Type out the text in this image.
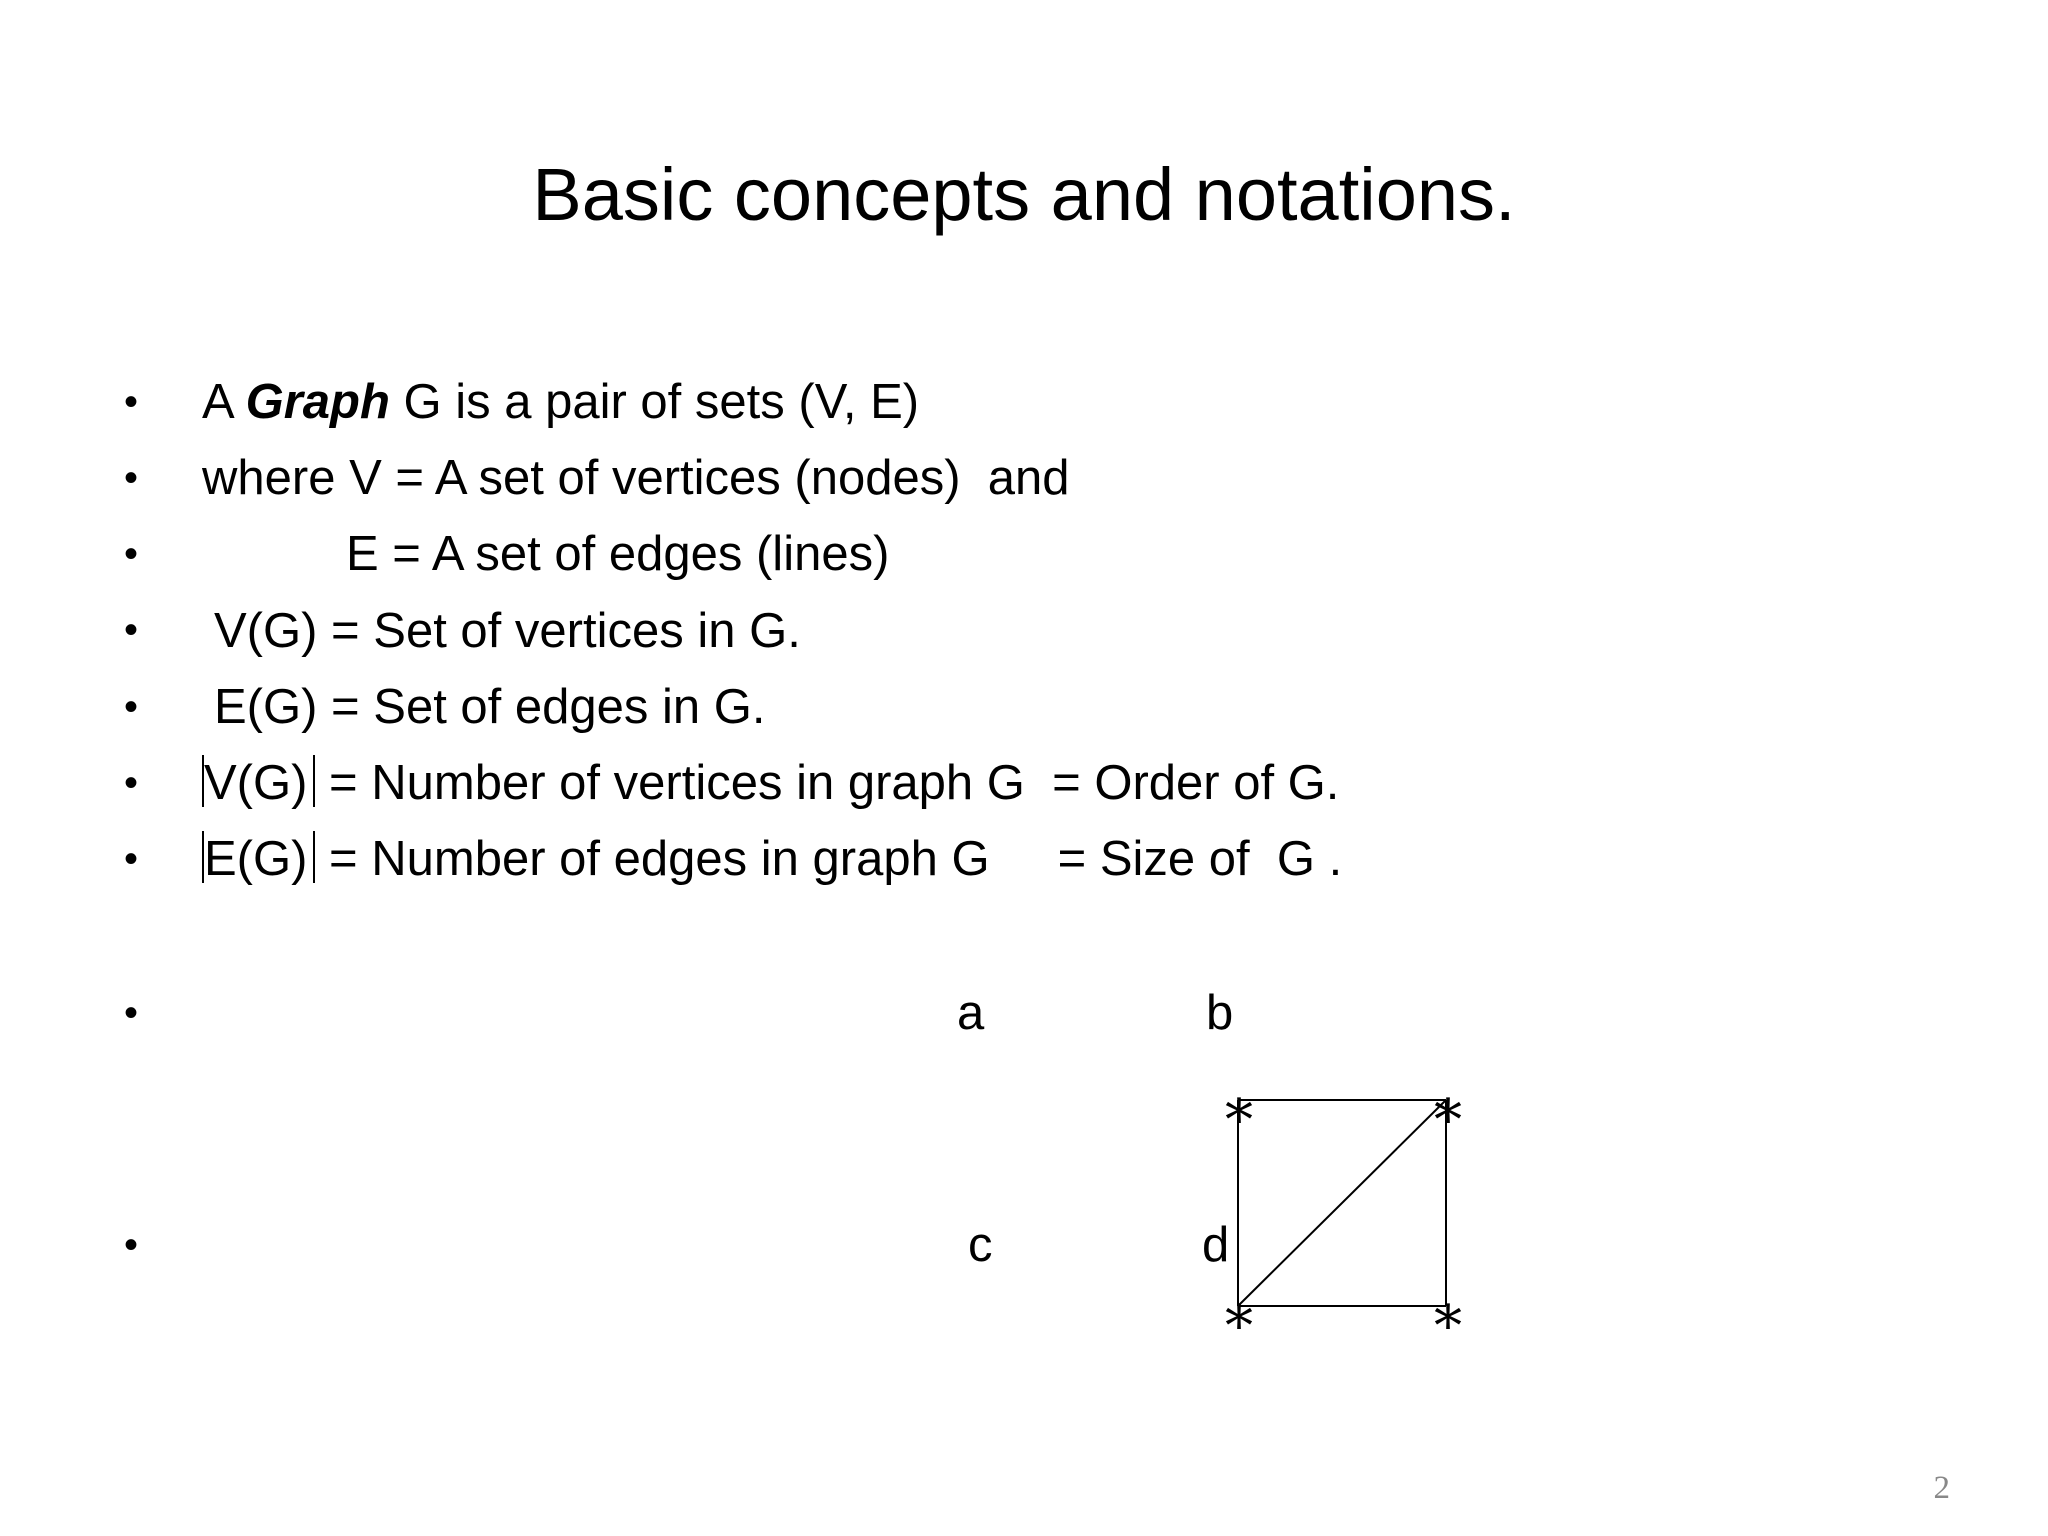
Basic concepts and notations.
•
•
•
•
•
•
•
•
•
A Graph G is a pair of sets (V, E)
where V = A set of vertices (nodes)  and
E = A set of edges (lines)
V(G) = Set of vertices in G.
E(G) = Set of edges in G.
V(G) = Number of vertices in graph G  = Order of G.
E(G) = Number of edges in graph G     = Size of  G .
a	b
c	d
*	*
*	*
2
